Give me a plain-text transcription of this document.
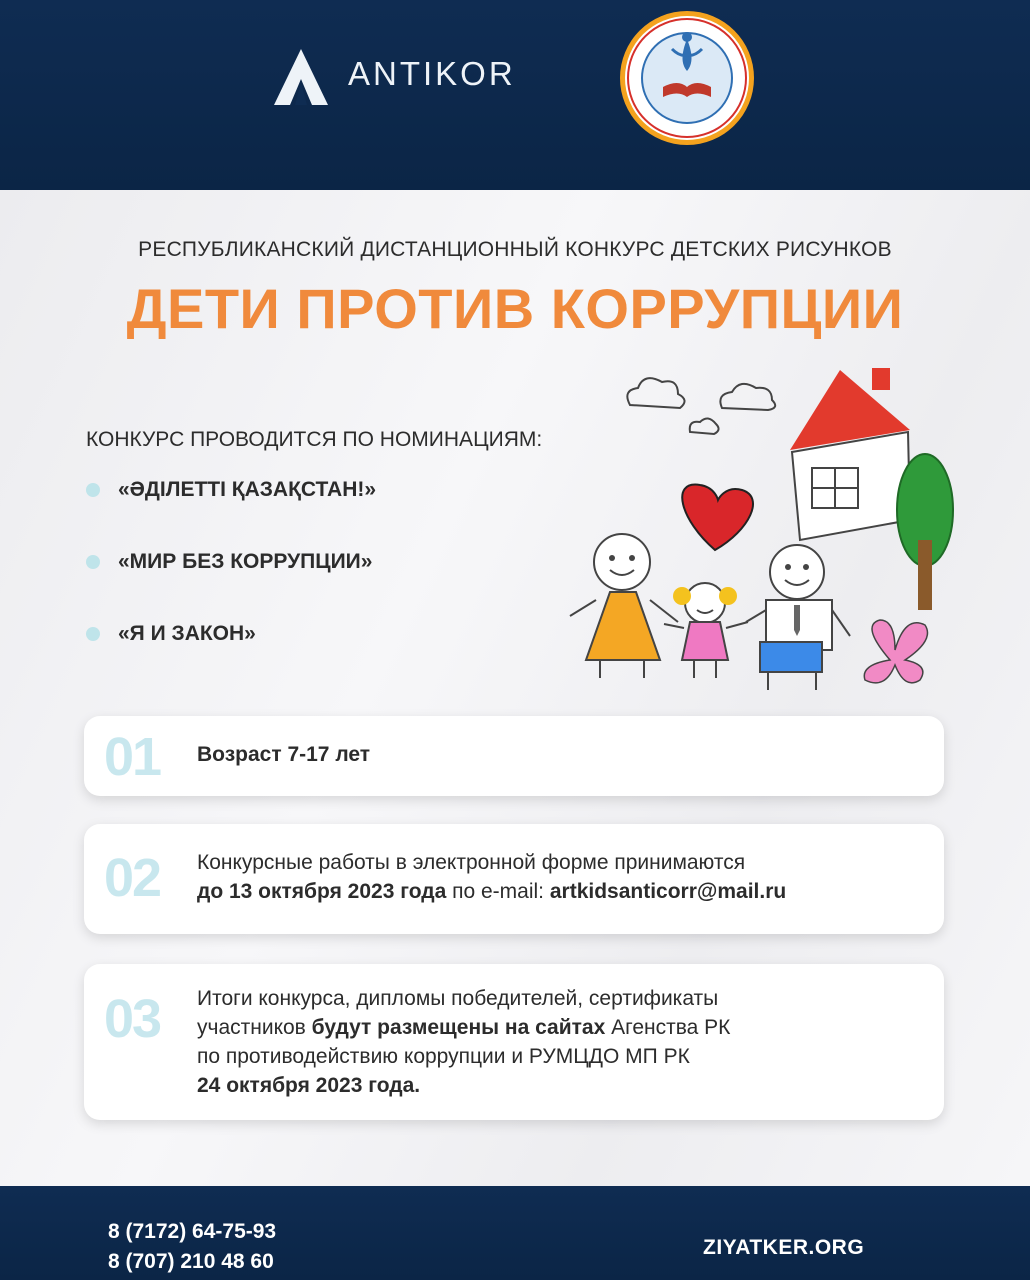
ANTIKOR
РЕСПУБЛИКАНСКИЙ ДИСТАНЦИОННЫЙ КОНКУРС ДЕТСКИХ РИСУНКОВ
ДЕТИ ПРОТИВ КОРРУПЦИИ
КОНКУРС ПРОВОДИТСЯ ПО НОМИНАЦИЯМ:
«ӘДІЛЕТТІ ҚАЗАҚСТАН!»
«МИР БЕЗ КОРРУПЦИИ»
«Я И ЗАКОН»
01 Возраст 7-17 лет
02 Конкурсные работы в электронной форме принимаются
до 13 октября 2023 года по e-mail: artkidsanticorr@mail.ru
03 Итоги конкурса, дипломы победителей, сертификаты
участников будут размещены на сайтах Агенства РК
по противодействию коррупции и РУМЦДО МП РК
24 октября 2023 года.
8 (7172) 64-75-93
8 (707) 210 48 60
ZIYATKER.ORG
